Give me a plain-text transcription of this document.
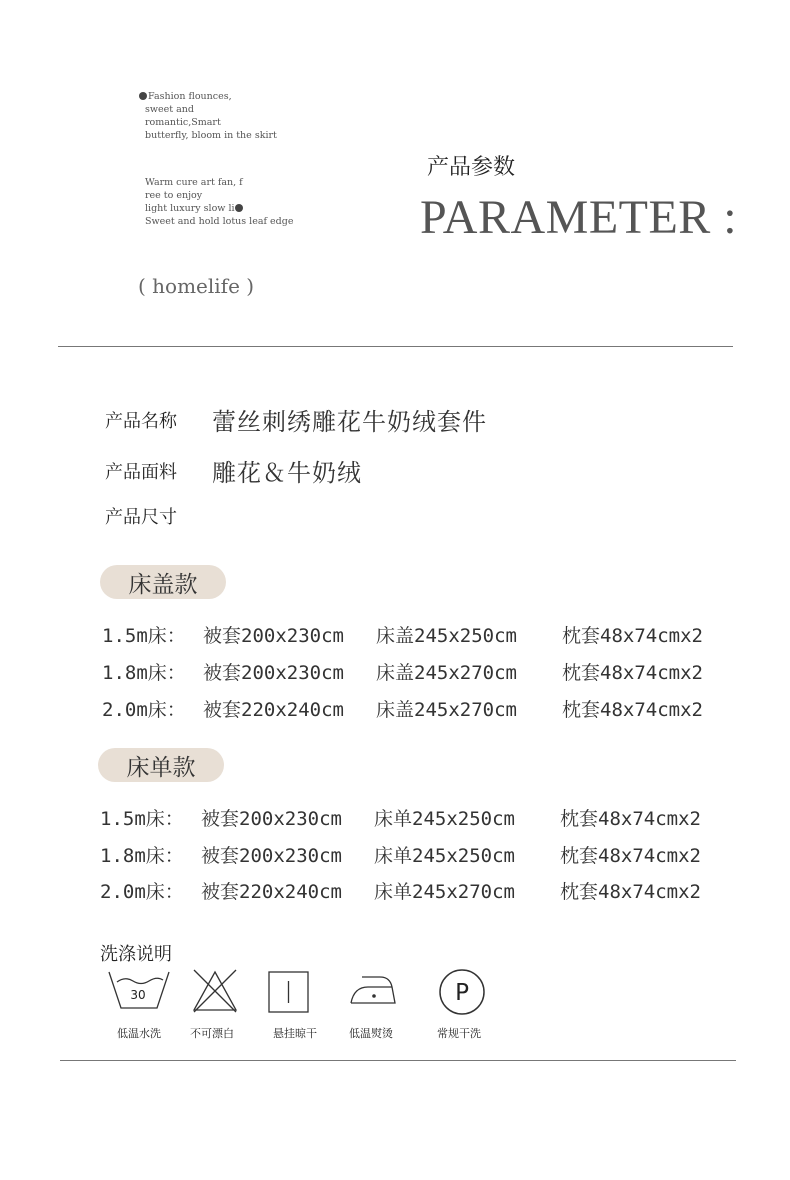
Fashion flounces,
sweet and
romantic,Smart
butterfly, bloom in the skirt
Warm cure art fan, f
ree to enjoy
light luxury slow li
Sweet and hold lotus leaf edge
( homelife )
产品参数
PARAMETER :
产品名称	蕾丝刺绣雕花牛奶绒套件
产品面料	雕花＆牛奶绒
产品尺寸
床盖款
1.5m床： 被套200x230cm 床盖245x250cm 枕套48x74cmx2
1.8m床： 被套200x230cm 床盖245x270cm 枕套48x74cmx2
2.0m床： 被套220x240cm 床盖245x270cm 枕套48x74cmx2
床单款
1.5m床： 被套200x230cm 床单245x250cm 枕套48x74cmx2
1.8m床： 被套200x230cm 床单245x250cm 枕套48x74cmx2
2.0m床： 被套220x240cm 床单245x270cm 枕套48x74cmx2
洗涤说明
30
低温水洗	不可漂白	悬挂晾干	低温熨烫
P
常规干洗
